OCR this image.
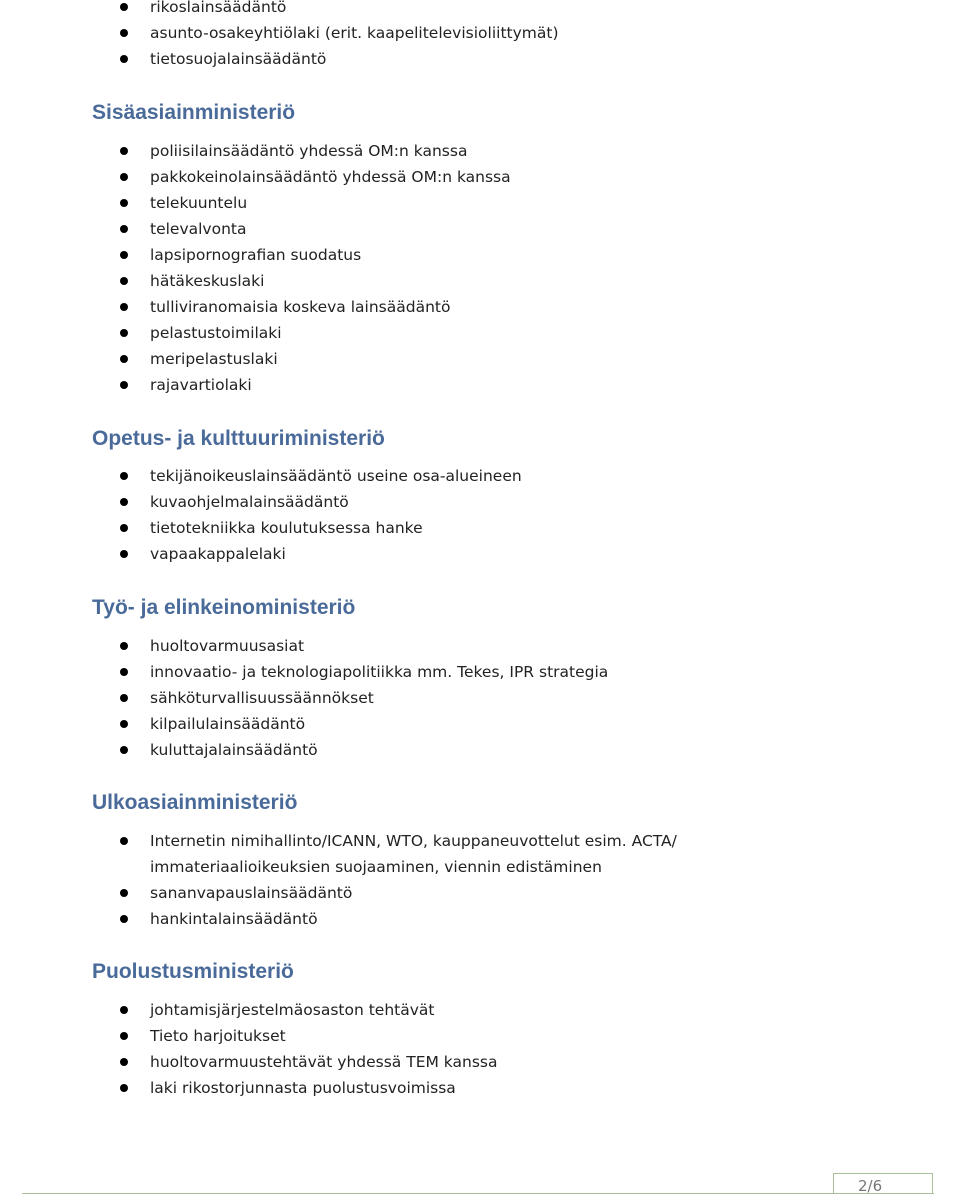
rikoslainsäädäntö
asunto-osakeyhtiölaki (erit. kaapelitelevisioliittymät)
tietosuojalainsäädäntö
Sisäasiainministeriö
poliisilainsäädäntö yhdessä OM:n kanssa
pakkokeinolainsäädäntö yhdessä OM:n kanssa
telekuuntelu
televalvonta
lapsipornografian suodatus
hätäkeskuslaki
tulliviranomaisia koskeva lainsäädäntö
pelastustoimilaki
meripelastuslaki
rajavartiolaki
Opetus- ja kulttuuriministeriö
tekijänoikeuslainsäädäntö useine osa-alueineen
kuvaohjelmalainsäädäntö
tietotekniikka koulutuksessa hanke
vapaakappalelaki
Työ- ja elinkeinoministeriö
huoltovarmuusasiat
innovaatio- ja teknologiapolitiikka mm. Tekes, IPR strategia
sähköturvallisuussäännökset
kilpailulainsäädäntö
kuluttajalainsäädäntö
Ulkoasiainministeriö
Internetin nimihallinto/ICANN, WTO, kauppaneuvottelut esim. ACTA/ immateriaalioikeuksien suojaaminen, viennin edistäminen
sananvapauslainsäädäntö
hankintalainsäädäntö
Puolustusministeriö
johtamisjärjestelmäosaston tehtävät
Tieto harjoitukset
huoltovarmuustehtävät yhdessä TEM kanssa
laki rikostorjunnasta puolustusvoimissa
2/6
